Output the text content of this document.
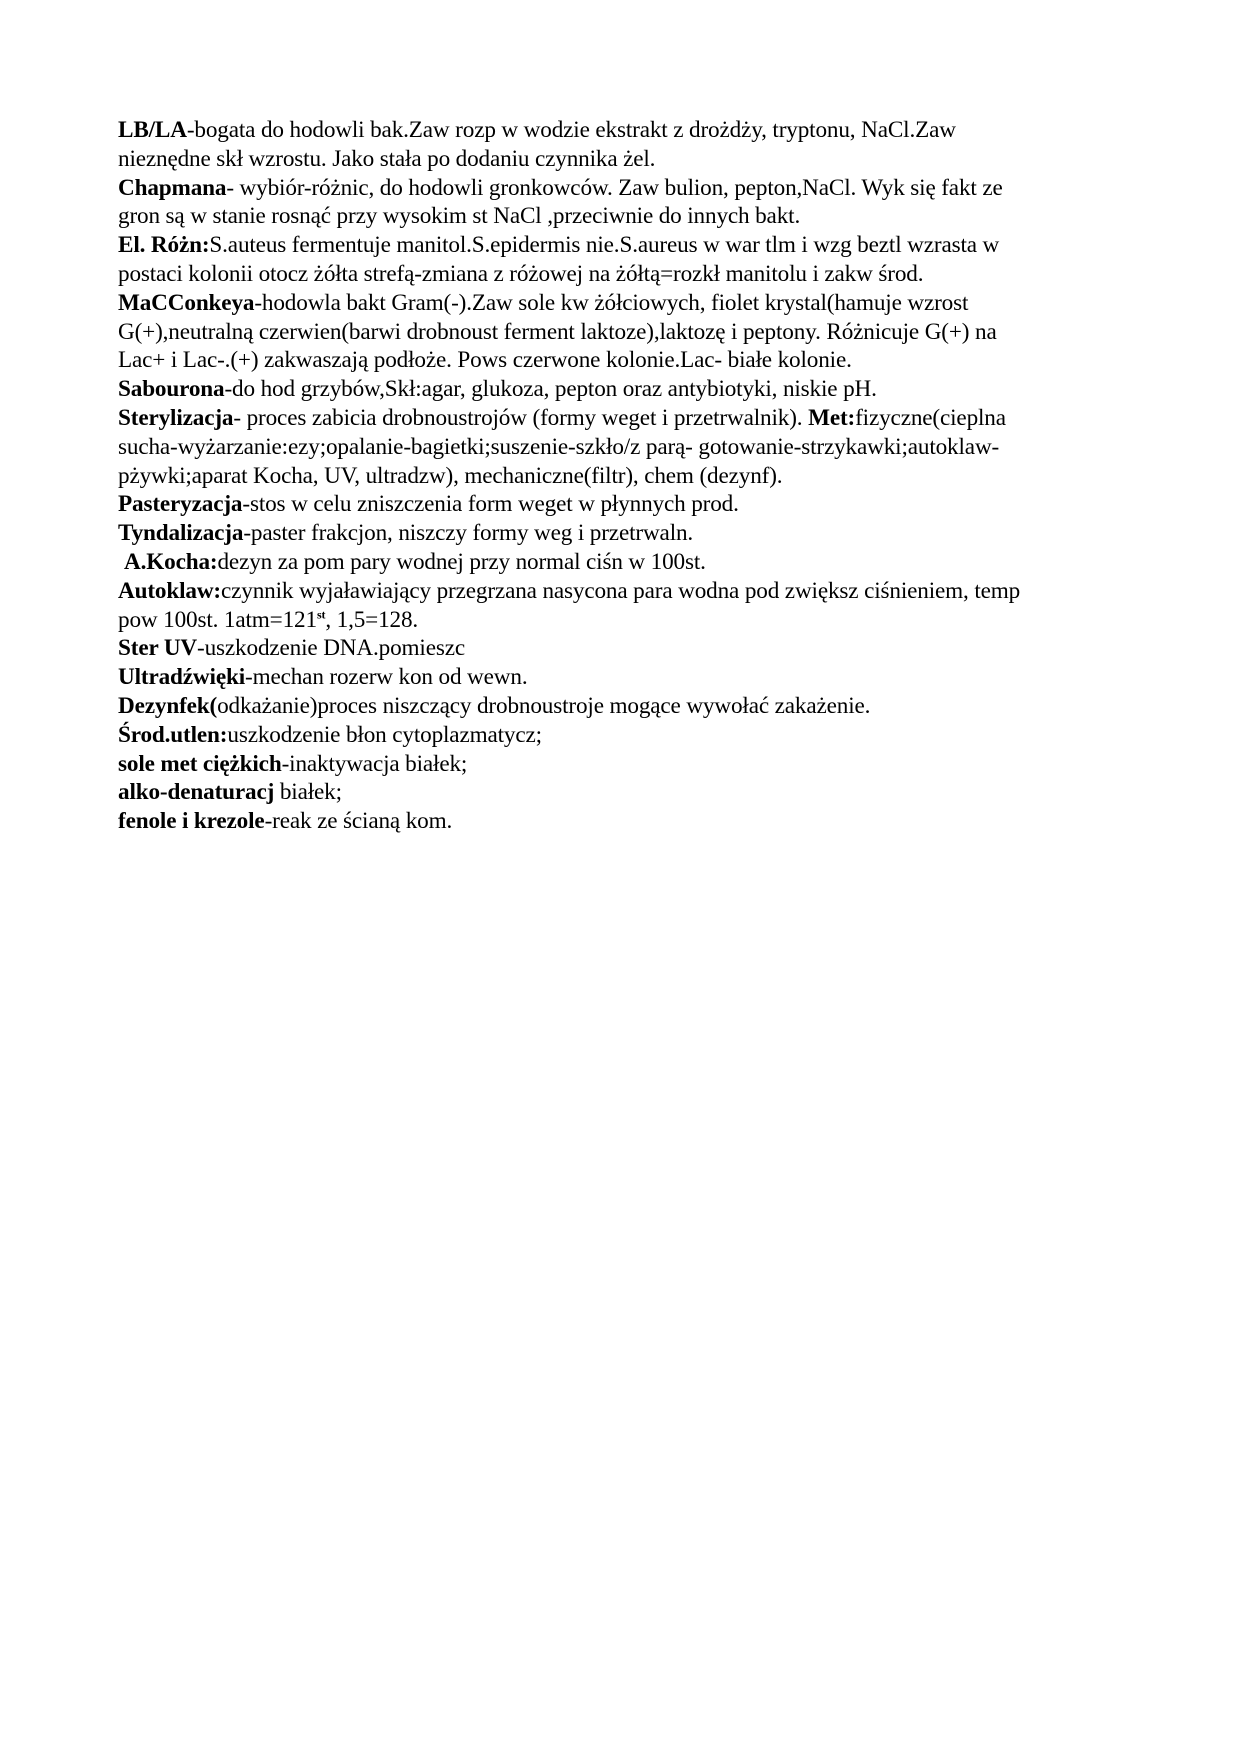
LB/LA-bogata do hodowli bak.Zaw rozp w wodzie ekstrakt z drożdży, tryptonu, NaCl.Zaw

nieznędne skł wzrostu. Jako stała po dodaniu czynnika żel.

Chapmana- wybiór-różnic, do hodowli gronkowców. Zaw bulion, pepton,NaCl. Wyk się fakt ze

gron są w stanie rosnąć przy wysokim st NaCl ,przeciwnie do innych bakt.

El. Różn:S.auteus fermentuje manitol.S.epidermis nie.S.aureus w war tlm i wzg beztl wzrasta w

postaci kolonii otocz żółta strefą-zmiana z różowej na żółtą=rozkł manitolu i zakw środ.

MaCConkeya-hodowla bakt Gram(-).Zaw sole kw żółciowych, fiolet krystal(hamuje wzrost

G(+),neutralną czerwien(barwi drobnoust ferment laktoze),laktozę i peptony. Różnicuje G(+) na

Lac+ i Lac-.(+) zakwaszają podłoże. Pows czerwone kolonie.Lac- białe kolonie.

Sabourona-do hod grzybów,Skł:agar, glukoza, pepton oraz antybiotyki, niskie pH.

Sterylizacja- proces zabicia drobnoustrojów (formy weget i przetrwalnik). Met:fizyczne(cieplna

sucha-wyżarzanie:ezy;opalanie-bagietki;suszenie-szkło/z parą- gotowanie-strzykawki;autoklaw-

pżywki;aparat Kocha, UV, ultradzw), mechaniczne(filtr), chem (dezynf).

Pasteryzacja-stos w celu zniszczenia form weget w płynnych prod.

Tyndalizacja-paster frakcjon, niszczy formy weg i przetrwaln.

A.Kocha:dezyn za pom pary wodnej przy normal ciśn w 100st.

Autoklaw:czynnik wyjaławiający przegrzana nasycona para wodna pod zwiększ ciśnieniem, temp

pow 100st. 1atm=121st, 1,5=128.

Ster UV-uszkodzenie DNA.pomieszc

Ultradźwięki-mechan rozerw kon od wewn.

Dezynfek(odkażanie)proces niszczący drobnoustroje mogące wywołać zakażenie.

Środ.utlen:uszkodzenie błon cytoplazmatycz;

sole met ciężkich-inaktywacja białek;

alko-denaturacj białek;

fenole i krezole-reak ze ścianą kom.
